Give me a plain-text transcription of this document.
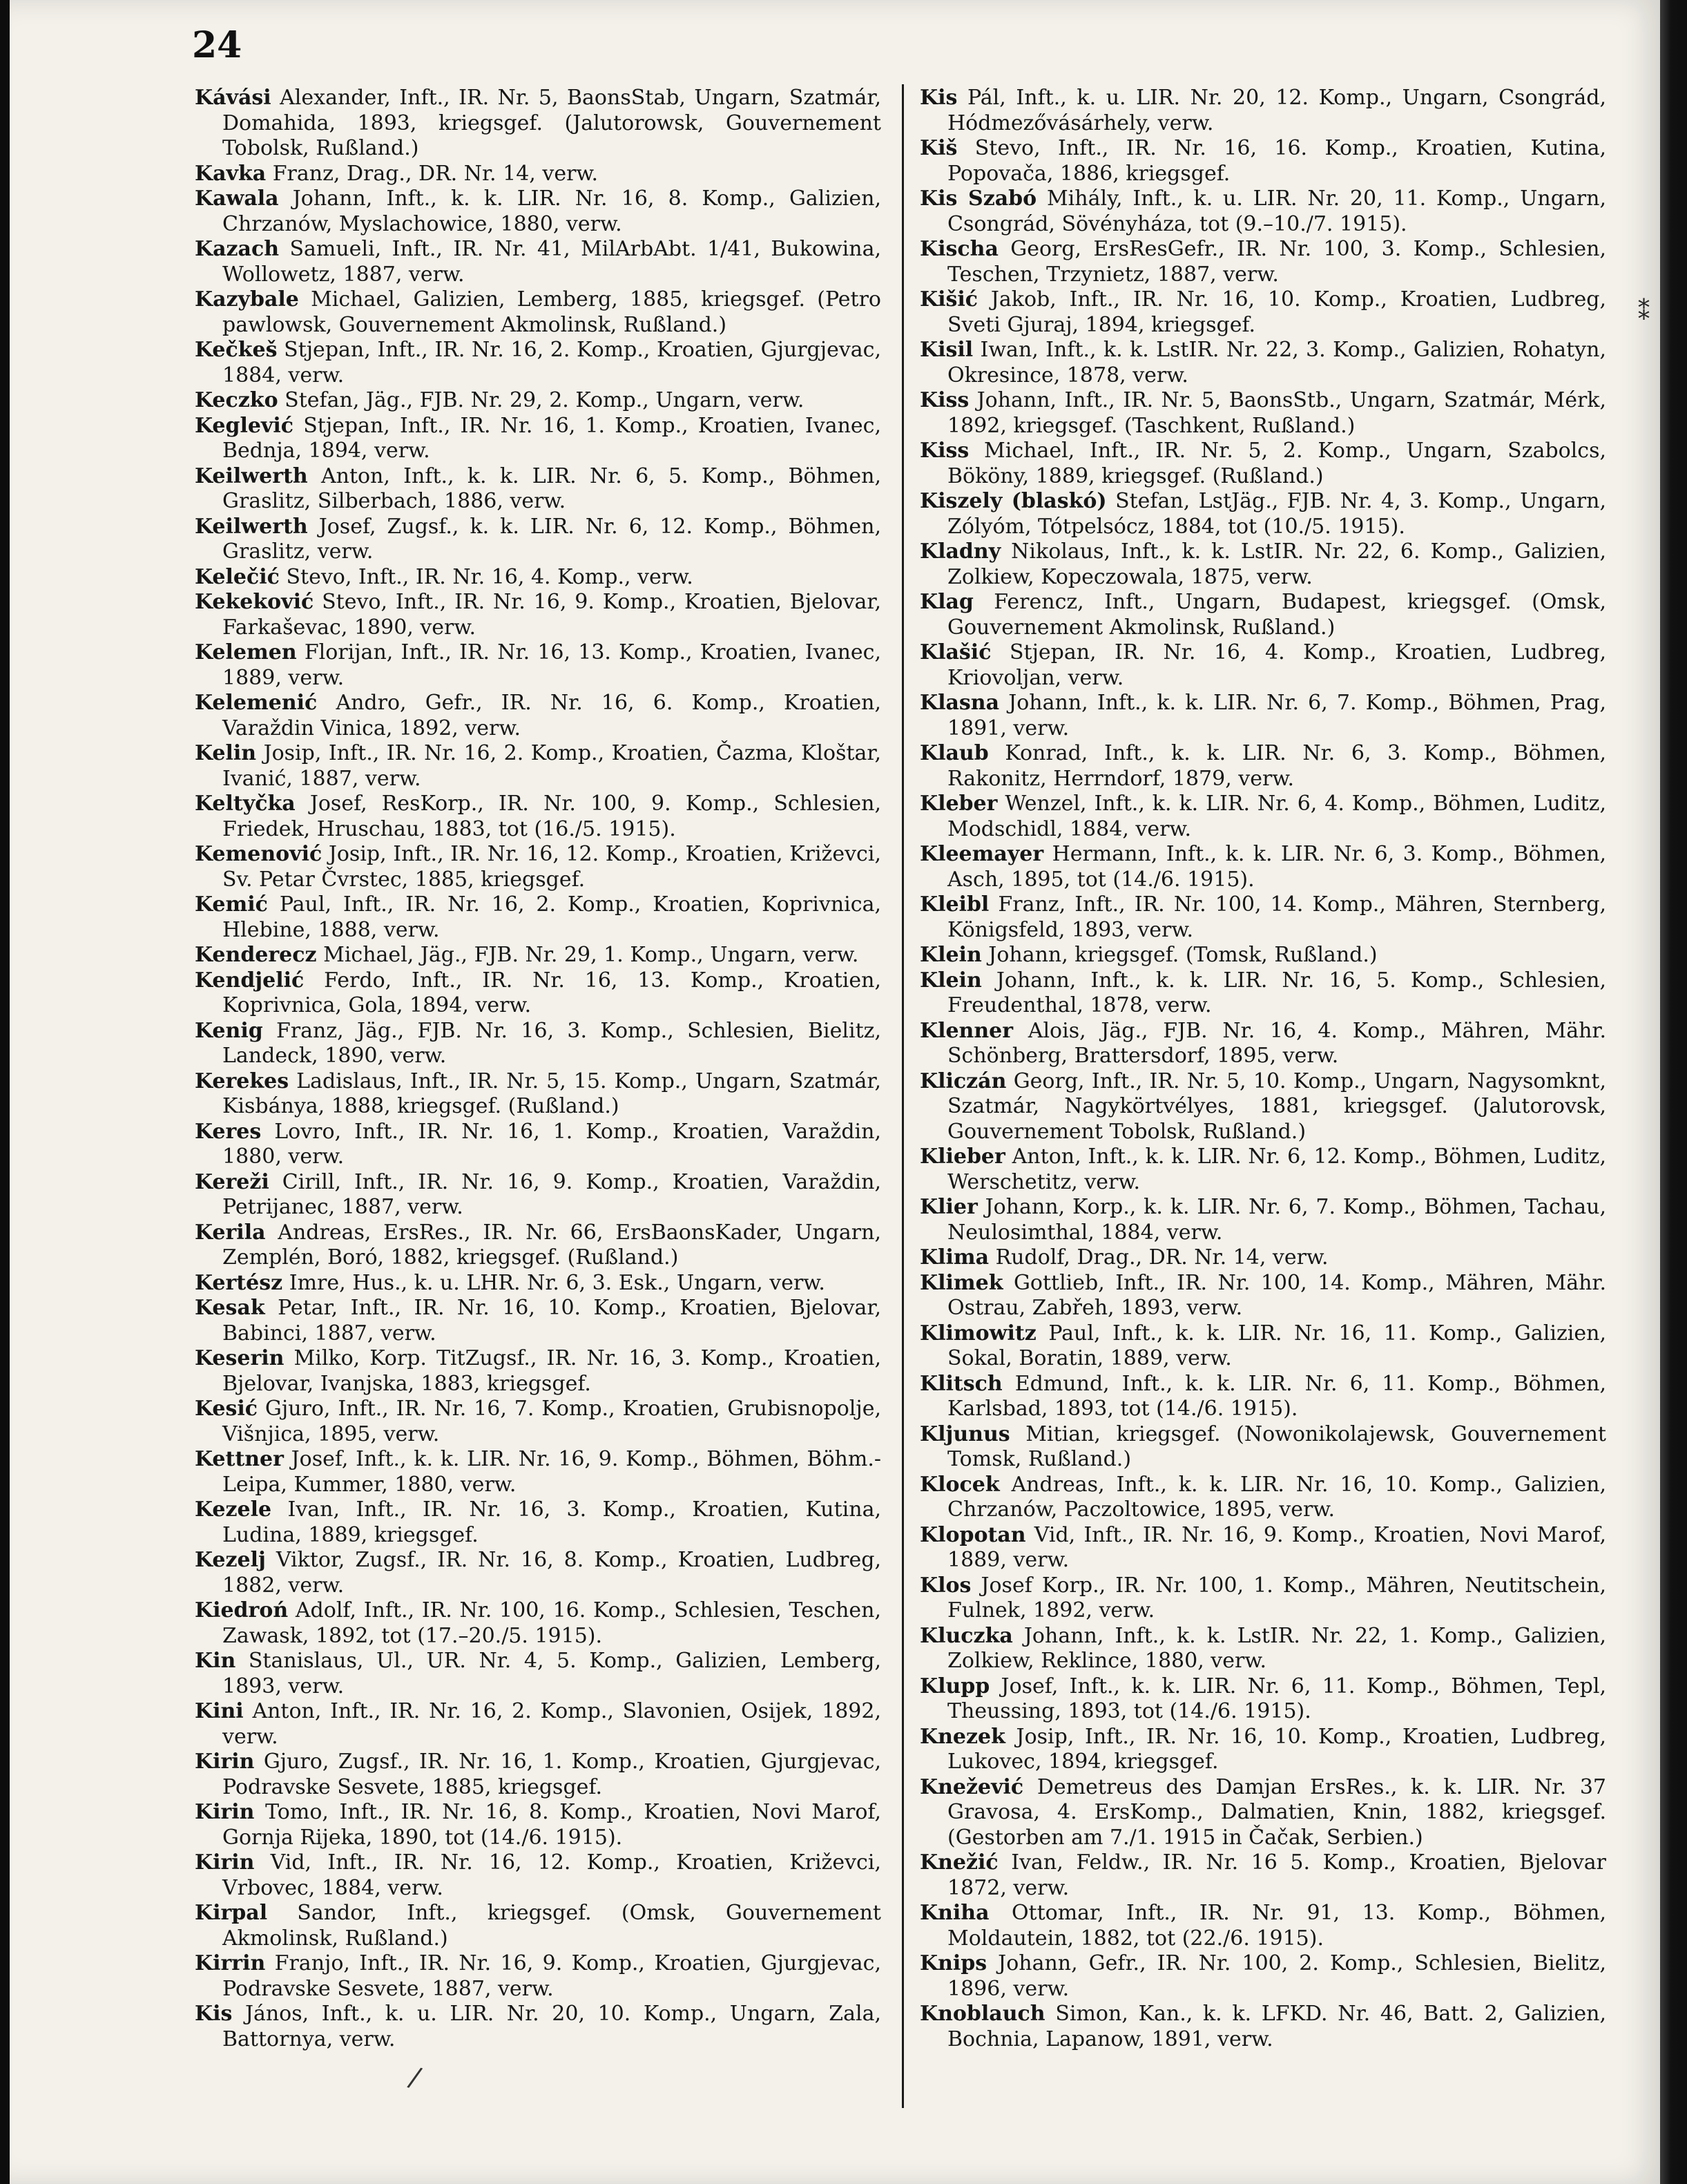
24

Kávási Alexander, Inft., IR. Nr. 5, BaonsStab, Ungarn, Szatmár, Domahida, 1893, kriegsgef. (Jalutorowsk, Gouvernement Tobolsk, Rußland.)

Kavka Franz, Drag., DR. Nr. 14, verw.

Kawala Johann, Inft., k. k. LIR. Nr. 16, 8. Komp., Galizien, Chrzanów, Myslachowice, 1880, verw.

Kazach Samueli, Inft., IR. Nr. 41, MilArbAbt. 1/41, Bukowina, Wollowetz, 1887, verw.

Kazybale Michael, Galizien, Lemberg, 1885, kriegsgef. (Petro pawlowsk, Gouvernement Akmolinsk, Rußland.)

Kečkeš Stjepan, Inft., IR. Nr. 16, 2. Komp., Kroatien, Gjurgjevac, 1884, verw.

Keczko Stefan, Jäg., FJB. Nr. 29, 2. Komp., Ungarn, verw.

Keglević Stjepan, Inft., IR. Nr. 16, 1. Komp., Kroatien, Ivanec, Bednja, 1894, verw.

Keilwerth Anton, Inft., k. k. LIR. Nr. 6, 5. Komp., Böhmen, Graslitz, Silberbach, 1886, verw.

Keilwerth Josef, Zugsf., k. k. LIR. Nr. 6, 12. Komp., Böhmen, Graslitz, verw.

Kelečić Stevo, Inft., IR. Nr. 16, 4. Komp., verw.

Kekeković Stevo, Inft., IR. Nr. 16, 9. Komp., Kroatien, Bjelovar, Farkaševac, 1890, verw.

Kelemen Florijan, Inft., IR. Nr. 16, 13. Komp., Kroatien, Ivanec, 1889, verw.

Kelemenić Andro, Gefr., IR. Nr. 16, 6. Komp., Kroatien, Varaždin Vinica, 1892, verw.

Kelin Josip, Inft., IR. Nr. 16, 2. Komp., Kroatien, Čazma, Kloštar, Ivanić, 1887, verw.

Keltyčka Josef, ResKorp., IR. Nr. 100, 9. Komp., Schlesien, Friedek, Hruschau, 1883, tot (16./5. 1915).

Kemenović Josip, Inft., IR. Nr. 16, 12. Komp., Kroatien, Križevci, Sv. Petar Čvrstec, 1885, kriegsgef.

Kemić Paul, Inft., IR. Nr. 16, 2. Komp., Kroatien, Koprivnica, Hlebine, 1888, verw.

Kenderecz Michael, Jäg., FJB. Nr. 29, 1. Komp., Ungarn, verw.

Kendjelić Ferdo, Inft., IR. Nr. 16, 13. Komp., Kroatien, Koprivnica, Gola, 1894, verw.

Kenig Franz, Jäg., FJB. Nr. 16, 3. Komp., Schlesien, Bielitz, Landeck, 1890, verw.

Kerekes Ladislaus, Inft., IR. Nr. 5, 15. Komp., Ungarn, Szatmár, Kisbánya, 1888, kriegsgef. (Rußland.)

Keres Lovro, Inft., IR. Nr. 16, 1. Komp., Kroatien, Varaždin, 1880, verw.

Kereži Cirill, Inft., IR. Nr. 16, 9. Komp., Kroatien, Varaždin, Petrijanec, 1887, verw.

Kerila Andreas, ErsRes., IR. Nr. 66, ErsBaonsKader, Ungarn, Zemplén, Boró, 1882, kriegsgef. (Rußland.)

Kertész Imre, Hus., k. u. LHR. Nr. 6, 3. Esk., Ungarn, verw.

Kesak Petar, Inft., IR. Nr. 16, 10. Komp., Kroatien, Bjelovar, Babinci, 1887, verw.

Keserin Milko, Korp. TitZugsf., IR. Nr. 16, 3. Komp., Kroatien, Bjelovar, Ivanjska, 1883, kriegsgef.

Kesić Gjuro, Inft., IR. Nr. 16, 7. Komp., Kroatien, Grubisnopolje, Višnjica, 1895, verw.

Kettner Josef, Inft., k. k. LIR. Nr. 16, 9. Komp., Böhmen, Böhm.-Leipa, Kummer, 1880, verw.

Kezele Ivan, Inft., IR. Nr. 16, 3. Komp., Kroatien, Kutina, Ludina, 1889, kriegsgef.

Kezelj Viktor, Zugsf., IR. Nr. 16, 8. Komp., Kroatien, Ludbreg, 1882, verw.

Kiedroń Adolf, Inft., IR. Nr. 100, 16. Komp., Schlesien, Teschen, Zawask, 1892, tot (17.–20./5. 1915).

Kin Stanislaus, Ul., UR. Nr. 4, 5. Komp., Galizien, Lemberg, 1893, verw.

Kini Anton, Inft., IR. Nr. 16, 2. Komp., Slavonien, Osijek, 1892, verw.

Kirin Gjuro, Zugsf., IR. Nr. 16, 1. Komp., Kroatien, Gjurgjevac, Podravske Sesvete, 1885, kriegsgef.

Kirin Tomo, Inft., IR. Nr. 16, 8. Komp., Kroatien, Novi Marof, Gornja Rijeka, 1890, tot (14./6. 1915).

Kirin Vid, Inft., IR. Nr. 16, 12. Komp., Kroatien, Križevci, Vrbovec, 1884, verw.

Kirpal Sandor, Inft., kriegsgef. (Omsk, Gouvernement Akmolinsk, Rußland.)

Kirrin Franjo, Inft., IR. Nr. 16, 9. Komp., Kroatien, Gjurgjevac, Podravske Sesvete, 1887, verw.

Kis János, Inft., k. u. LIR. Nr. 20, 10. Komp., Ungarn, Zala, Battornya, verw.

Kis Pál, Inft., k. u. LIR. Nr. 20, 12. Komp., Ungarn, Csongrád, Hódmezővásárhely, verw.

Kiš Stevo, Inft., IR. Nr. 16, 16. Komp., Kroatien, Kutina, Popovača, 1886, kriegsgef.

Kis Szabó Mihály, Inft., k. u. LIR. Nr. 20, 11. Komp., Ungarn, Csongrád, Sövényháza, tot (9.–10./7. 1915).

Kischa Georg, ErsResGefr., IR. Nr. 100, 3. Komp., Schlesien, Teschen, Trzynietz, 1887, verw.

Kišić Jakob, Inft., IR. Nr. 16, 10. Komp., Kroatien, Ludbreg, Sveti Gjuraj, 1894, kriegsgef.

Kisil Iwan, Inft., k. k. LstIR. Nr. 22, 3. Komp., Galizien, Rohatyn, Okresince, 1878, verw.

Kiss Johann, Inft., IR. Nr. 5, BaonsStb., Ungarn, Szatmár, Mérk, 1892, kriegsgef. (Taschkent, Rußland.)

Kiss Michael, Inft., IR. Nr. 5, 2. Komp., Ungarn, Szabolcs, Bököny, 1889, kriegsgef. (Rußland.)

Kiszely (blaskó) Stefan, LstJäg., FJB. Nr. 4, 3. Komp., Ungarn, Zólyóm, Tótpelsócz, 1884, tot (10./5. 1915).

Kladny Nikolaus, Inft., k. k. LstIR. Nr. 22, 6. Komp., Galizien, Zolkiew, Kopeczowala, 1875, verw.

Klag Ferencz, Inft., Ungarn, Budapest, kriegsgef. (Omsk, Gouvernement Akmolinsk, Rußland.)

Klašić Stjepan, IR. Nr. 16, 4. Komp., Kroatien, Ludbreg, Kriovoljan, verw.

Klasna Johann, Inft., k. k. LIR. Nr. 6, 7. Komp., Böhmen, Prag, 1891, verw.

Klaub Konrad, Inft., k. k. LIR. Nr. 6, 3. Komp., Böhmen, Rakonitz, Herrndorf, 1879, verw.

Kleber Wenzel, Inft., k. k. LIR. Nr. 6, 4. Komp., Böhmen, Luditz, Modschidl, 1884, verw.

Kleemayer Hermann, Inft., k. k. LIR. Nr. 6, 3. Komp., Böhmen, Asch, 1895, tot (14./6. 1915).

Kleibl Franz, Inft., IR. Nr. 100, 14. Komp., Mähren, Sternberg, Königsfeld, 1893, verw.

Klein Johann, kriegsgef. (Tomsk, Rußland.)

Klein Johann, Inft., k. k. LIR. Nr. 16, 5. Komp., Schlesien, Freudenthal, 1878, verw.

Klenner Alois, Jäg., FJB. Nr. 16, 4. Komp., Mähren, Mähr. Schönberg, Brattersdorf, 1895, verw.

Kliczán Georg, Inft., IR. Nr. 5, 10. Komp., Ungarn, Nagysomknt, Szatmár, Nagykörtvélyes, 1881, kriegsgef. (Jalutorovsk, Gouvernement Tobolsk, Rußland.)

Klieber Anton, Inft., k. k. LIR. Nr. 6, 12. Komp., Böhmen, Luditz, Werschetitz, verw.

Klier Johann, Korp., k. k. LIR. Nr. 6, 7. Komp., Böhmen, Tachau, Neulosimthal, 1884, verw.

Klima Rudolf, Drag., DR. Nr. 14, verw.

Klimek Gottlieb, Inft., IR. Nr. 100, 14. Komp., Mähren, Mähr. Ostrau, Zabřeh, 1893, verw.

Klimowitz Paul, Inft., k. k. LIR. Nr. 16, 11. Komp., Galizien, Sokal, Boratin, 1889, verw.

Klitsch Edmund, Inft., k. k. LIR. Nr. 6, 11. Komp., Böhmen, Karlsbad, 1893, tot (14./6. 1915).

Kljunus Mitian, kriegsgef. (Nowonikolajewsk, Gouvernement Tomsk, Rußland.)

Klocek Andreas, Inft., k. k. LIR. Nr. 16, 10. Komp., Galizien, Chrzanów, Paczoltowice, 1895, verw.

Klopotan Vid, Inft., IR. Nr. 16, 9. Komp., Kroatien, Novi Marof, 1889, verw.

Klos Josef Korp., IR. Nr. 100, 1. Komp., Mähren, Neutitschein, Fulnek, 1892, verw.

Kluczka Johann, Inft., k. k. LstIR. Nr. 22, 1. Komp., Galizien, Zolkiew, Reklince, 1880, verw.

Klupp Josef, Inft., k. k. LIR. Nr. 6, 11. Komp., Böhmen, Tepl, Theussing, 1893, tot (14./6. 1915).

Knezek Josip, Inft., IR. Nr. 16, 10. Komp., Kroatien, Ludbreg, Lukovec, 1894, kriegsgef.

Knežević Demetreus des Damjan ErsRes., k. k. LIR. Nr. 37 Gravosa, 4. ErsKomp., Dalmatien, Knin, 1882, kriegsgef. (Gestorben am 7./1. 1915 in Čačak, Serbien.)

Knežić Ivan, Feldw., IR. Nr. 16 5. Komp., Kroatien, Bjelovar 1872, verw.

Kniha Ottomar, Inft., IR. Nr. 91, 13. Komp., Böhmen, Moldautein, 1882, tot (22./6. 1915).

Knips Johann, Gefr., IR. Nr. 100, 2. Komp., Schlesien, Bielitz, 1896, verw.

Knoblauch Simon, Kan., k. k. LFKD. Nr. 46, Batt. 2, Galizien, Bochnia, Lapanow, 1891, verw.

⁑
/
